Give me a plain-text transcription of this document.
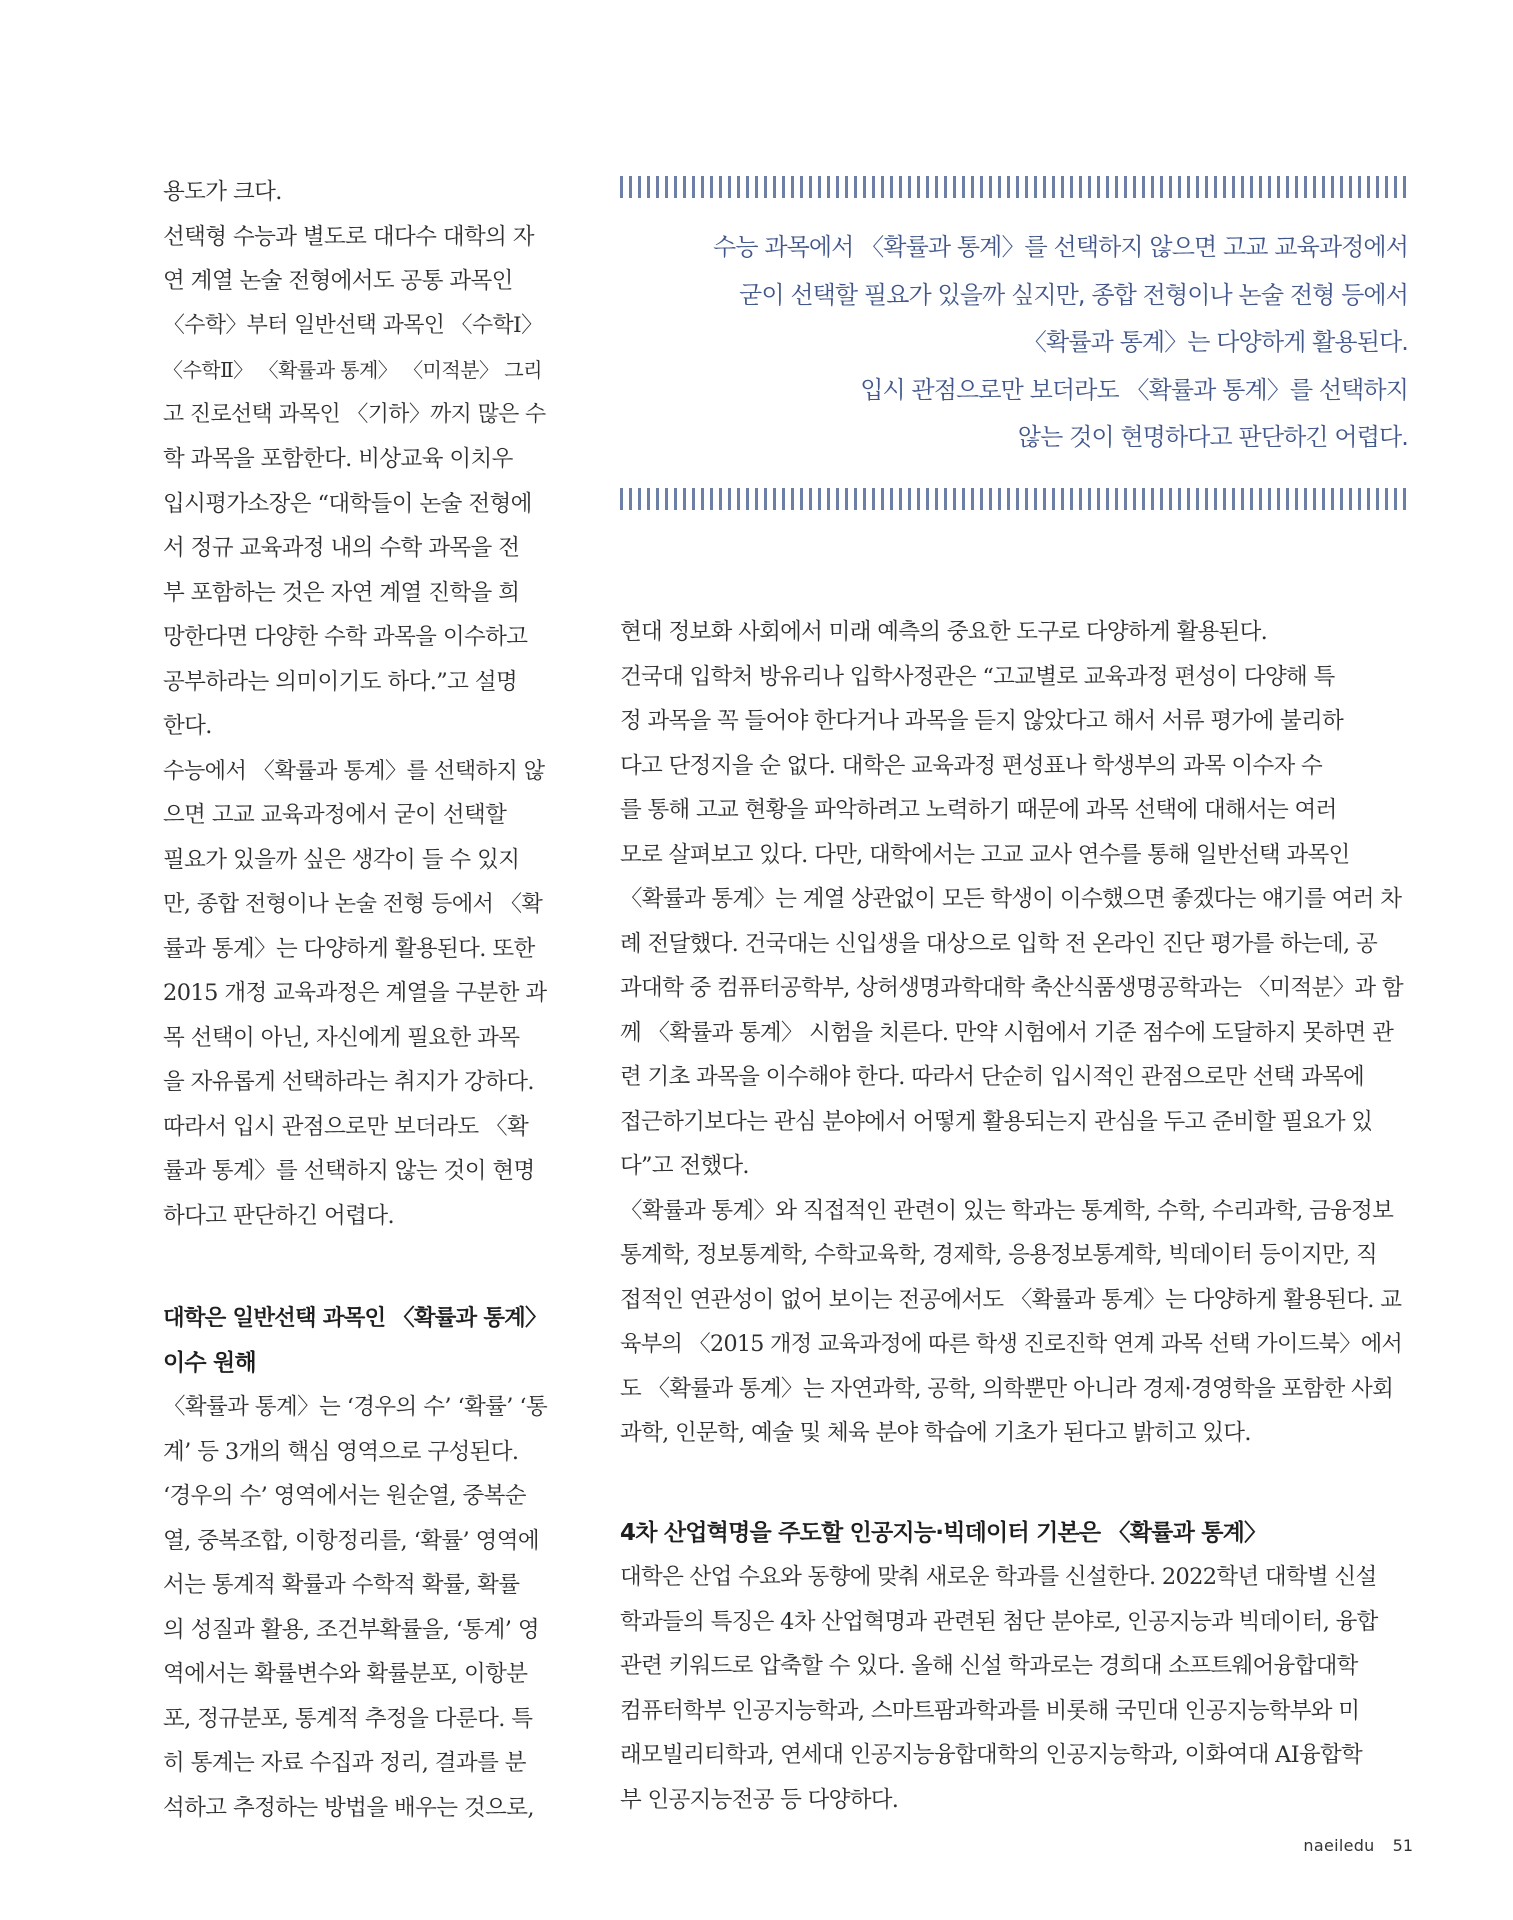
용도가 크다.
선택형 수능과 별도로 대다수 대학의 자
연 계열 논술 전형에서도 공통 과목인
〈수학〉부터 일반선택 과목인 〈수학Ⅰ〉
〈수학Ⅱ〉 〈확률과 통계〉 〈미적분〉 그리
고 진로선택 과목인 〈기하〉까지 많은 수
학 과목을 포함한다. 비상교육 이치우
입시평가소장은 “대학들이 논술 전형에
서 정규 교육과정 내의 수학 과목을 전
부 포함하는 것은 자연 계열 진학을 희
망한다면 다양한 수학 과목을 이수하고
공부하라는 의미이기도 하다.”고 설명
한다.
수능에서 〈확률과 통계〉를 선택하지 않
으면 고교 교육과정에서 굳이 선택할
필요가 있을까 싶은 생각이 들 수 있지
만, 종합 전형이나 논술 전형 등에서 〈확
률과 통계〉는 다양하게 활용된다. 또한
2015 개정 교육과정은 계열을 구분한 과
목 선택이 아닌, 자신에게 필요한 과목
을 자유롭게 선택하라는 취지가 강하다.
따라서 입시 관점으로만 보더라도 〈확
률과 통계〉를 선택하지 않는 것이 현명
하다고 판단하긴 어렵다.
대학은 일반선택 과목인 〈확률과 통계〉
이수 원해
〈확률과 통계〉는 ‘경우의 수’ ‘확률’ ‘통
계’ 등 3개의 핵심 영역으로 구성된다.
‘경우의 수’ 영역에서는 원순열, 중복순
열, 중복조합, 이항정리를, ‘확률’ 영역에
서는 통계적 확률과 수학적 확률, 확률
의 성질과 활용, 조건부확률을, ‘통계’ 영
역에서는 확률변수와 확률분포, 이항분
포, 정규분포, 통계적 추정을 다룬다. 특
히 통계는 자료 수집과 정리, 결과를 분
석하고 추정하는 방법을 배우는 것으로,
수능 과목에서 〈확률과 통계〉를 선택하지 않으면 고교 교육과정에서
굳이 선택할 필요가 있을까 싶지만, 종합 전형이나 논술 전형 등에서
〈확률과 통계〉는 다양하게 활용된다.
입시 관점으로만 보더라도 〈확률과 통계〉를 선택하지
않는 것이 현명하다고 판단하긴 어렵다.
현대 정보화 사회에서 미래 예측의 중요한 도구로 다양하게 활용된다.
건국대 입학처 방유리나 입학사정관은 “고교별로 교육과정 편성이 다양해 특
정 과목을 꼭 들어야 한다거나 과목을 듣지 않았다고 해서 서류 평가에 불리하
다고 단정지을 순 없다. 대학은 교육과정 편성표나 학생부의 과목 이수자 수
를 통해 고교 현황을 파악하려고 노력하기 때문에 과목 선택에 대해서는 여러
모로 살펴보고 있다. 다만, 대학에서는 고교 교사 연수를 통해 일반선택 과목인
〈확률과 통계〉는 계열 상관없이 모든 학생이 이수했으면 좋겠다는 얘기를 여러 차
례 전달했다. 건국대는 신입생을 대상으로 입학 전 온라인 진단 평가를 하는데, 공
과대학 중 컴퓨터공학부, 상허생명과학대학 축산식품생명공학과는 〈미적분〉과 함
께 〈확률과 통계〉 시험을 치른다. 만약 시험에서 기준 점수에 도달하지 못하면 관
련 기초 과목을 이수해야 한다. 따라서 단순히 입시적인 관점으로만 선택 과목에
접근하기보다는 관심 분야에서 어떻게 활용되는지 관심을 두고 준비할 필요가 있
다”고 전했다.
〈확률과 통계〉와 직접적인 관련이 있는 학과는 통계학, 수학, 수리과학, 금융정보
통계학, 정보통계학, 수학교육학, 경제학, 응용정보통계학, 빅데이터 등이지만, 직
접적인 연관성이 없어 보이는 전공에서도 〈확률과 통계〉는 다양하게 활용된다. 교
육부의 〈2015 개정 교육과정에 따른 학생 진로진학 연계 과목 선택 가이드북〉에서
도 〈확률과 통계〉는 자연과학, 공학, 의학뿐만 아니라 경제·경영학을 포함한 사회
과학, 인문학, 예술 및 체육 분야 학습에 기초가 된다고 밝히고 있다.
4차 산업혁명을 주도할 인공지능·빅데이터 기본은 〈확률과 통계〉
대학은 산업 수요와 동향에 맞춰 새로운 학과를 신설한다. 2022학년 대학별 신설
학과들의 특징은 4차 산업혁명과 관련된 첨단 분야로, 인공지능과 빅데이터, 융합
관련 키워드로 압축할 수 있다. 올해 신설 학과로는 경희대 소프트웨어융합대학
컴퓨터학부 인공지능학과, 스마트팜과학과를 비롯해 국민대 인공지능학부와 미
래모빌리티학과, 연세대 인공지능융합대학의 인공지능학과, 이화여대 AI융합학
부 인공지능전공 등 다양하다.
naeiledu 51
